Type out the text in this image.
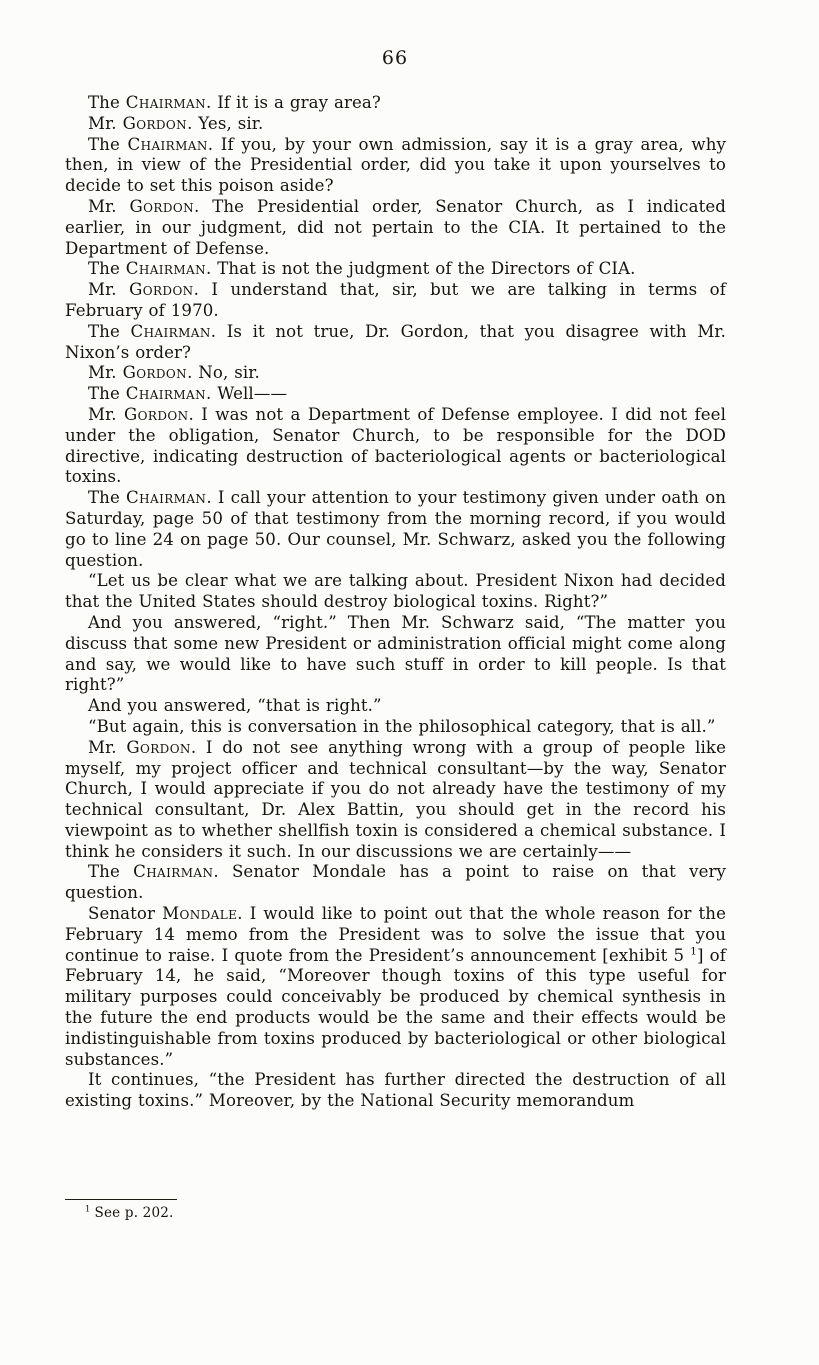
66

The Chairman. If it is a gray area?

Mr. Gordon. Yes, sir.

The Chairman. If you, by your own admission, say it is a gray area, why then, in view of the Presidential order, did you take it upon yourselves to decide to set this poison aside?

Mr. Gordon. The Presidential order, Senator Church, as I indicated earlier, in our judgment, did not pertain to the CIA. It pertained to the Department of Defense.

The Chairman. That is not the judgment of the Directors of CIA.

Mr. Gordon. I understand that, sir, but we are talking in terms of February of 1970.

The Chairman. Is it not true, Dr. Gordon, that you disagree with Mr. Nixon’s order?

Mr. Gordon. No, sir.

The Chairman. Well——

Mr. Gordon. I was not a Department of Defense employee. I did not feel under the obligation, Senator Church, to be responsible for the DOD directive, indicating destruction of bacteriological agents or bacteriological toxins.

The Chairman. I call your attention to your testimony given under oath on Saturday, page 50 of that testimony from the morning record, if you would go to line 24 on page 50. Our counsel, Mr. Schwarz, asked you the following question.

“Let us be clear what we are talking about. President Nixon had decided that the United States should destroy biological toxins. Right?”

And you answered, “right.” Then Mr. Schwarz said, “The matter you discuss that some new President or administration official might come along and say, we would like to have such stuff in order to kill people. Is that right?”

And you answered, “that is right.”

“But again, this is conversation in the philosophical category, that is all.”

Mr. Gordon. I do not see anything wrong with a group of people like myself, my project officer and technical consultant—by the way, Senator Church, I would appreciate if you do not already have the testimony of my technical consultant, Dr. Alex Battin, you should get in the record his viewpoint as to whether shellfish toxin is considered a chemical substance. I think he considers it such. In our discussions we are certainly——

The Chairman. Senator Mondale has a point to raise on that very question.

Senator Mondale. I would like to point out that the whole reason for the February 14 memo from the President was to solve the issue that you continue to raise. I quote from the President’s announcement [exhibit 5 $^1$] of February 14, he said, “Moreover though toxins of this type useful for military purposes could conceivably be produced by chemical synthesis in the future the end products would be the same and their effects would be indistinguishable from toxins produced by bacteriological or other biological substances.”

It continues, “the President has further directed the destruction of all existing toxins.” Moreover, by the National Security memorandum

$^1$ See p. 202.
